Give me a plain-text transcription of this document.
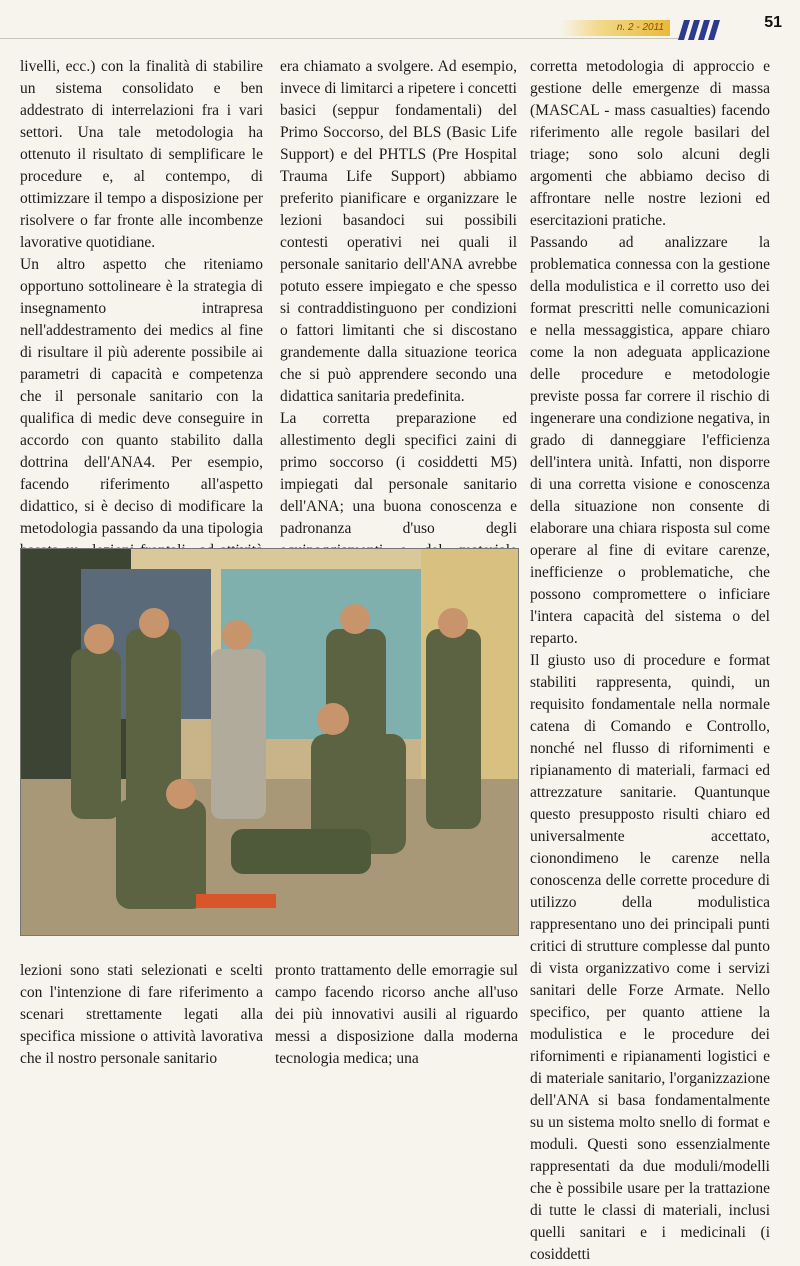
n. 2 - 2011	51

livelli, ecc.) con la finalità di stabilire un sistema consolidato e ben addestrato di interrelazioni fra i vari settori. Una tale metodologia ha ottenuto il risultato di semplificare le procedure e, al contempo, di ottimizzare il tempo a disposizione per risolvere o far fronte alle incombenze lavorative quotidiane.

Un altro aspetto che riteniamo opportuno sottolineare è la strategia di insegnamento intrapresa nell'addestramento dei medics al fine di risultare il più aderente possibile ai parametri di capacità e competenza che il personale sanitario con la qualifica di medic deve conseguire in accordo con quanto stabilito dalla dottrina dell'ANA4. Per esempio, facendo riferimento all'aspetto didattico, si è deciso di modificare la metodologia passando da una tipologia

era chiamato a svolgere. Ad esempio, invece di limitarci a ripetere i concetti basici (seppur fondamentali) del Primo Soccorso, del BLS (Basic Life Support) e del PHTLS (Pre Hospital Trauma Life Support) abbiamo preferito pianificare e organizzare le lezioni basandoci sui possibili contesti operativi nei quali il personale sanitario dell'ANA avrebbe potuto essere impiegato e che spesso si contraddistinguono per condizioni o fattori limitanti che si discostano grandemente dalla situazione teorica che si può apprendere secondo una didattica sanitaria predefinita.

La corretta preparazione ed allestimento degli specifici zaini di primo soccorso (i cosiddetti M5) impiegati dal personale sanitario dell'ANA; una buona conoscenza e padronanza d'uso degli

corretta metodologia di approccio e gestione delle emergenze di massa (MASCAL - mass casualties) facendo riferimento alle regole basilari del triage; sono solo alcuni degli argomenti che abbiamo deciso di affrontare nelle nostre lezioni ed esercitazioni pratiche.

Passando ad analizzare la problematica connessa con la gestione della modulistica e il corretto uso dei format prescritti nelle comunicazioni e nella messaggistica, appare chiaro come la non adeguata applicazione delle procedure e metodologie previste possa far correre il rischio di ingenerare una condizione negativa, in grado di danneggiare l'efficienza dell'intera unità. Infatti, non disporre di una corretta visione e conoscenza della situazione non consente di elaborare una chiara risposta sul come operare al fine di evitare carenze, inefficienze o problematiche, che possono compromettere o inficiare l'intera capacità del sistema o del reparto.

Il giusto uso di procedure e format stabiliti rappresenta, quindi, un requisito fondamentale nella normale catena di Comando e Controllo, nonché nel flusso di rifornimenti e ripianamento di materiali, farmaci ed attrezzature sanitarie. Quantunque questo presupposto risulti chiaro ed universalmente accettato, cionondimeno le carenze nella conoscenza delle corrette procedure di utilizzo della modulistica rappresentano uno dei principali punti critici di strutture complesse dal punto di vista organizzativo come i servizi sanitari delle Forze Armate. Nello specifico, per quanto attiene la modulistica e le procedure dei rifornimenti e ripianamenti logistici e di materiale sanitario, l'organizzazione dell'ANA si basa fondamentalmente su un sistema molto snello di format e moduli. Questi sono essenzialmente rappresentati da due moduli/modelli che è possibile usare per la trattazione di tutte le classi di materiali, inclusi quelli sanitari e i medicinali (i cosiddetti

lezioni sono stati selezionati e scelti con l'intenzione di fare riferimento a scenari strettamente legati alla specifica missione o attività lavorativa che il nostro personale sanitario

pronto trattamento delle emorragie sul campo facendo ricorso anche all'uso dei più innovativi ausili al riguardo messi a disposizione dalla moderna tecnologia medica; una
